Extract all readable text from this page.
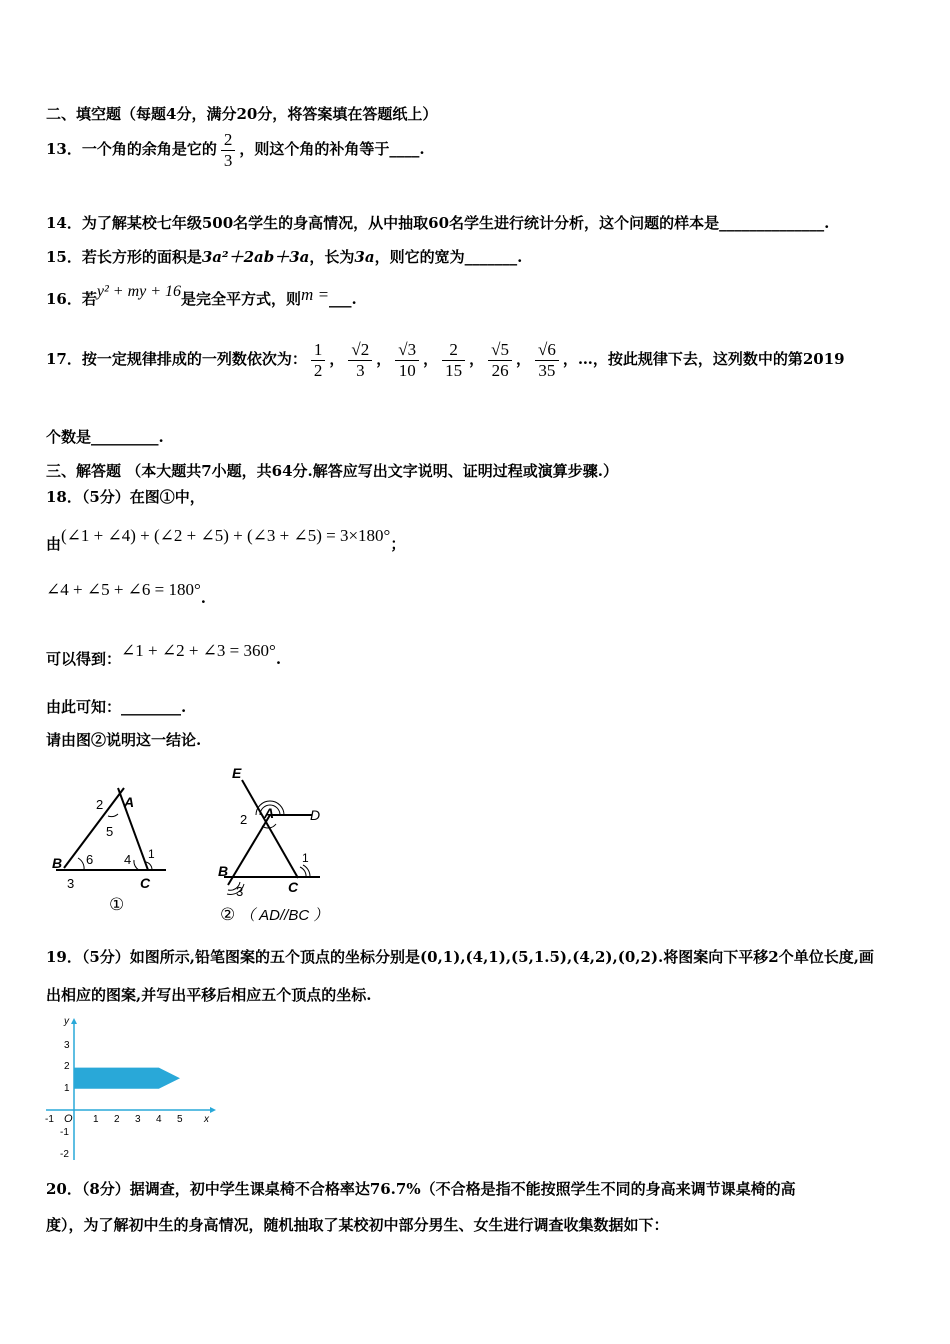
二、填空题（每题4分，满分20分，将答案填在答题纸上）
13．一个角的余角是它的 $\frac{2}{3}$ ，则这个角的补角等于____.
14．为了解某校七年级500名学生的身高情况，从中抽取60名学生进行统计分析，这个问题的样本是______________.
15．若长方形的面积是3a²＋2ab＋3a，长为3a，则它的宽为_______.
16．若y² + my + 16是完全平方式，则m =___.
17．按一定规律排成的一列数依次为： $\frac{1}{2}$ ， $\frac{√2}{3}$ ， $\frac{√3}{10}$ ， $\frac{2}{15}$ ， $\frac{√5}{26}$ ， $\frac{√6}{35}$ ，…，按此规律下去，这列数中的第2019
个数是_________.
三、解答题 （本大题共7小题，共64分.解答应写出文字说明、证明过程或演算步骤.）
18．（5分）在图①中，
由(∠1 + ∠4) + (∠2 + ∠5) + (∠3 + ∠5) = 3×180°；
∠4 + ∠5 + ∠6 = 180°.
可以得到：∠1 + ∠2 + ∠3 = 360°.
由此可知：________.
请由图②说明这一结论.
A
2
5
B 6 4 1
3	C
①
E
A	D
2
B
1
3	C
② （ AD//BC ）
19．（5分）如图所示,铅笔图案的五个顶点的坐标分别是(0,1),(4,1),(5,1.5),(4,2),(0,2).将图案向下平移2个单位长度,画
出相应的图案,并写出平移后相应五个顶点的坐标.
x
y
O
-1	1 2 3 4 5
3
2
1
-1
-2
20．（8分）据调查，初中学生课桌椅不合格率达76.7%（不合格是指不能按照学生不同的身高来调节课桌椅的高
度），为了解初中生的身高情况，随机抽取了某校初中部分男生、女生进行调查收集数据如下：
